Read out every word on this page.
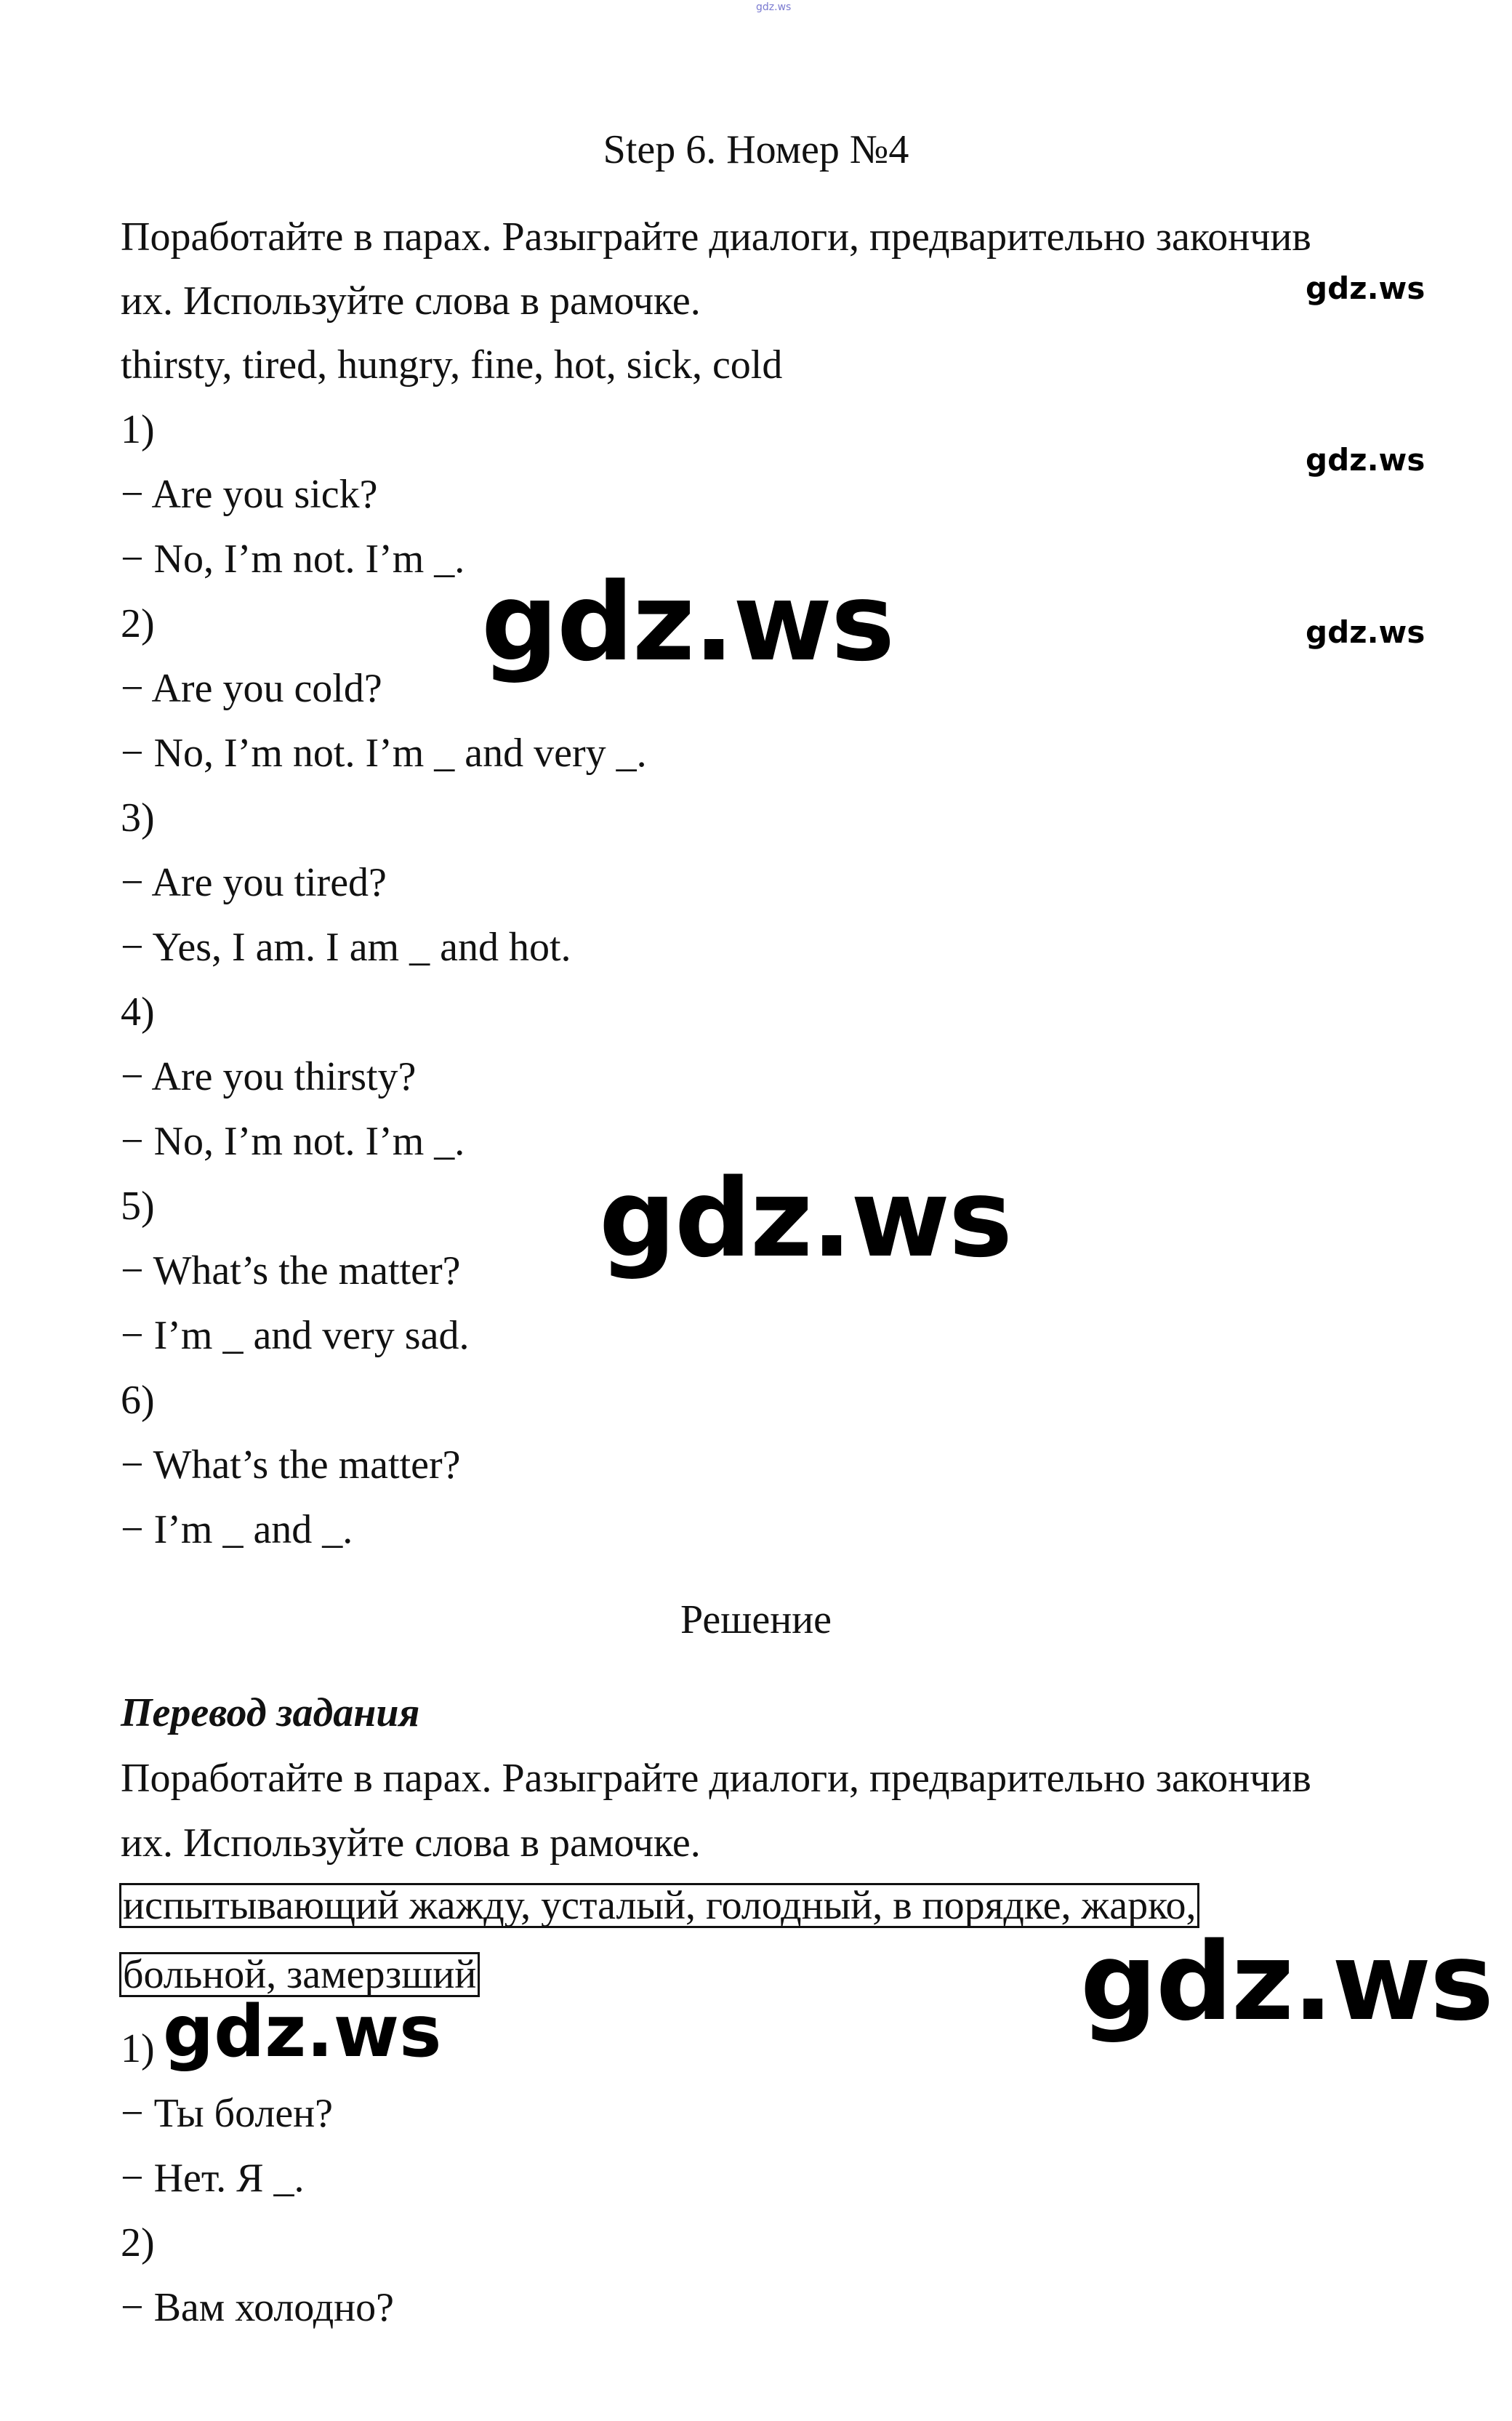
gdz.ws
Step 6. Номер №4
Поработайте в парах. Разыграйте диалоги, предварительно закончив
их. Используйте слова в рамочке.
thirsty, tired, hungry, fine, hot, sick, cold
1)
− Are you sick?
− No, I’m not. I’m _.
2)
− Are you cold?
− No, I’m not. I’m _ and very _.
3)
− Are you tired?
− Yes, I am. I am _ and hot.
4)
− Are you thirsty?
− No, I’m not. I’m _.
5)
− What’s the matter?
− I’m _ and very sad.
6)
− What’s the matter?
− I’m _ and _.
Решение
Перевод задания
Поработайте в парах. Разыграйте диалоги, предварительно закончив
их. Используйте слова в рамочке.
испытывающий жажду, усталый, голодный, в порядке, жарко,
больной, замерзший
1)
− Ты болен?
− Нет. Я _.
2)
− Вам холодно?
gdz.ws
gdz.ws
gdz.ws
gdz.ws
gdz.ws
gdz.ws
gdz.ws
